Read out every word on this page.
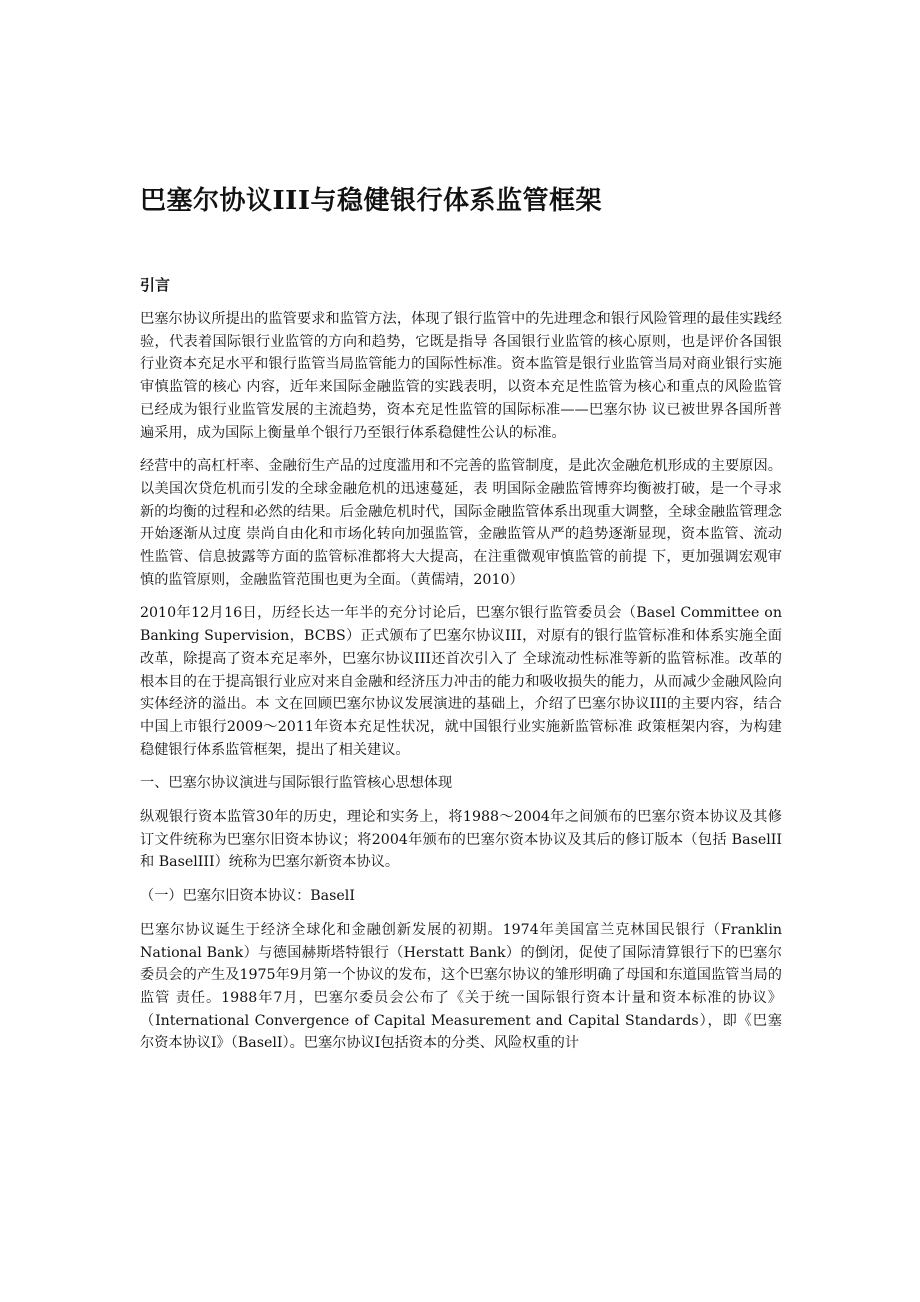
巴塞尔协议III与稳健银行体系监管框架
引言

巴塞尔协议所提出的监管要求和监管方法，体现了银行监管中的先进理念和银行风险管理的最佳实践经验，代表着国际银行业监管的方向和趋势，它既是指导 各国银行业监管的核心原则，也是评价各国银行业资本充足水平和银行监管当局监管能力的国际性标准。资本监管是银行业监管当局对商业银行实施审慎监管的核心 内容，近年来国际金融监管的实践表明，以资本充足性监管为核心和重点的风险监管已经成为银行业监管发展的主流趋势，资本充足性监管的国际标准——巴塞尔协 议已被世界各国所普遍采用，成为国际上衡量单个银行乃至银行体系稳健性公认的标准。

经营中的高杠杆率、金融衍生产品的过度滥用和不完善的监管制度，是此次金融危机形成的主要原因。以美国次贷危机而引发的全球金融危机的迅速蔓延，表 明国际金融监管博弈均衡被打破，是一个寻求新的均衡的过程和必然的结果。后金融危机时代，国际金融监管体系出现重大调整，全球金融监管理念开始逐渐从过度 崇尚自由化和市场化转向加强监管，金融监管从严的趋势逐渐显现，资本监管、流动性监管、信息披露等方面的监管标准都将大大提高，在注重微观审慎监管的前提 下，更加强调宏观审慎的监管原则，金融监管范围也更为全面。（黄儒靖，2010）

2010年12月16日，历经长达一年半的充分讨论后，巴塞尔银行监管委员会（Basel Committee on Banking Supervision，BCBS）正式颁布了巴塞尔协议III，对原有的银行监管标准和体系实施全面改革，除提高了资本充足率外，巴塞尔协议III还首次引入了 全球流动性标准等新的监管标准。改革的根本目的在于提高银行业应对来自金融和经济压力冲击的能力和吸收损失的能力，从而减少金融风险向实体经济的溢出。本 文在回顾巴塞尔协议发展演进的基础上，介绍了巴塞尔协议III的主要内容，结合中国上市银行2009～2011年资本充足性状况，就中国银行业实施新监管标准 政策框架内容，为构建稳健银行体系监管框架，提出了相关建议。

一、巴塞尔协议演进与国际银行监管核心思想体现

纵观银行资本监管30年的历史，理论和实务上，将1988～2004年之间颁布的巴塞尔资本协议及其修订文件统称为巴塞尔旧资本协议；将2004年颁布的巴塞尔资本协议及其后的修订版本（包括 BaselII和 BaselIII）统称为巴塞尔新资本协议。

（一）巴塞尔旧资本协议：BaselI

巴塞尔协议诞生于经济全球化和金融创新发展的初期。1974年美国富兰克林国民银行（Franklin National Bank）与德国赫斯塔特银行（Herstatt Bank）的倒闭，促使了国际清算银行下的巴塞尔委员会的产生及1975年9月第一个协议的发布，这个巴塞尔协议的雏形明确了母国和东道国监管当局的监管 责任。1988年7月，巴塞尔委员会公布了《关于统一国际银行资本计量和资本标准的协议》（International Convergence of Capital Measurement and Capital Standards），即《巴塞尔资本协议I》（BaselI）。巴塞尔协议I包括资本的分类、风险权重的计
